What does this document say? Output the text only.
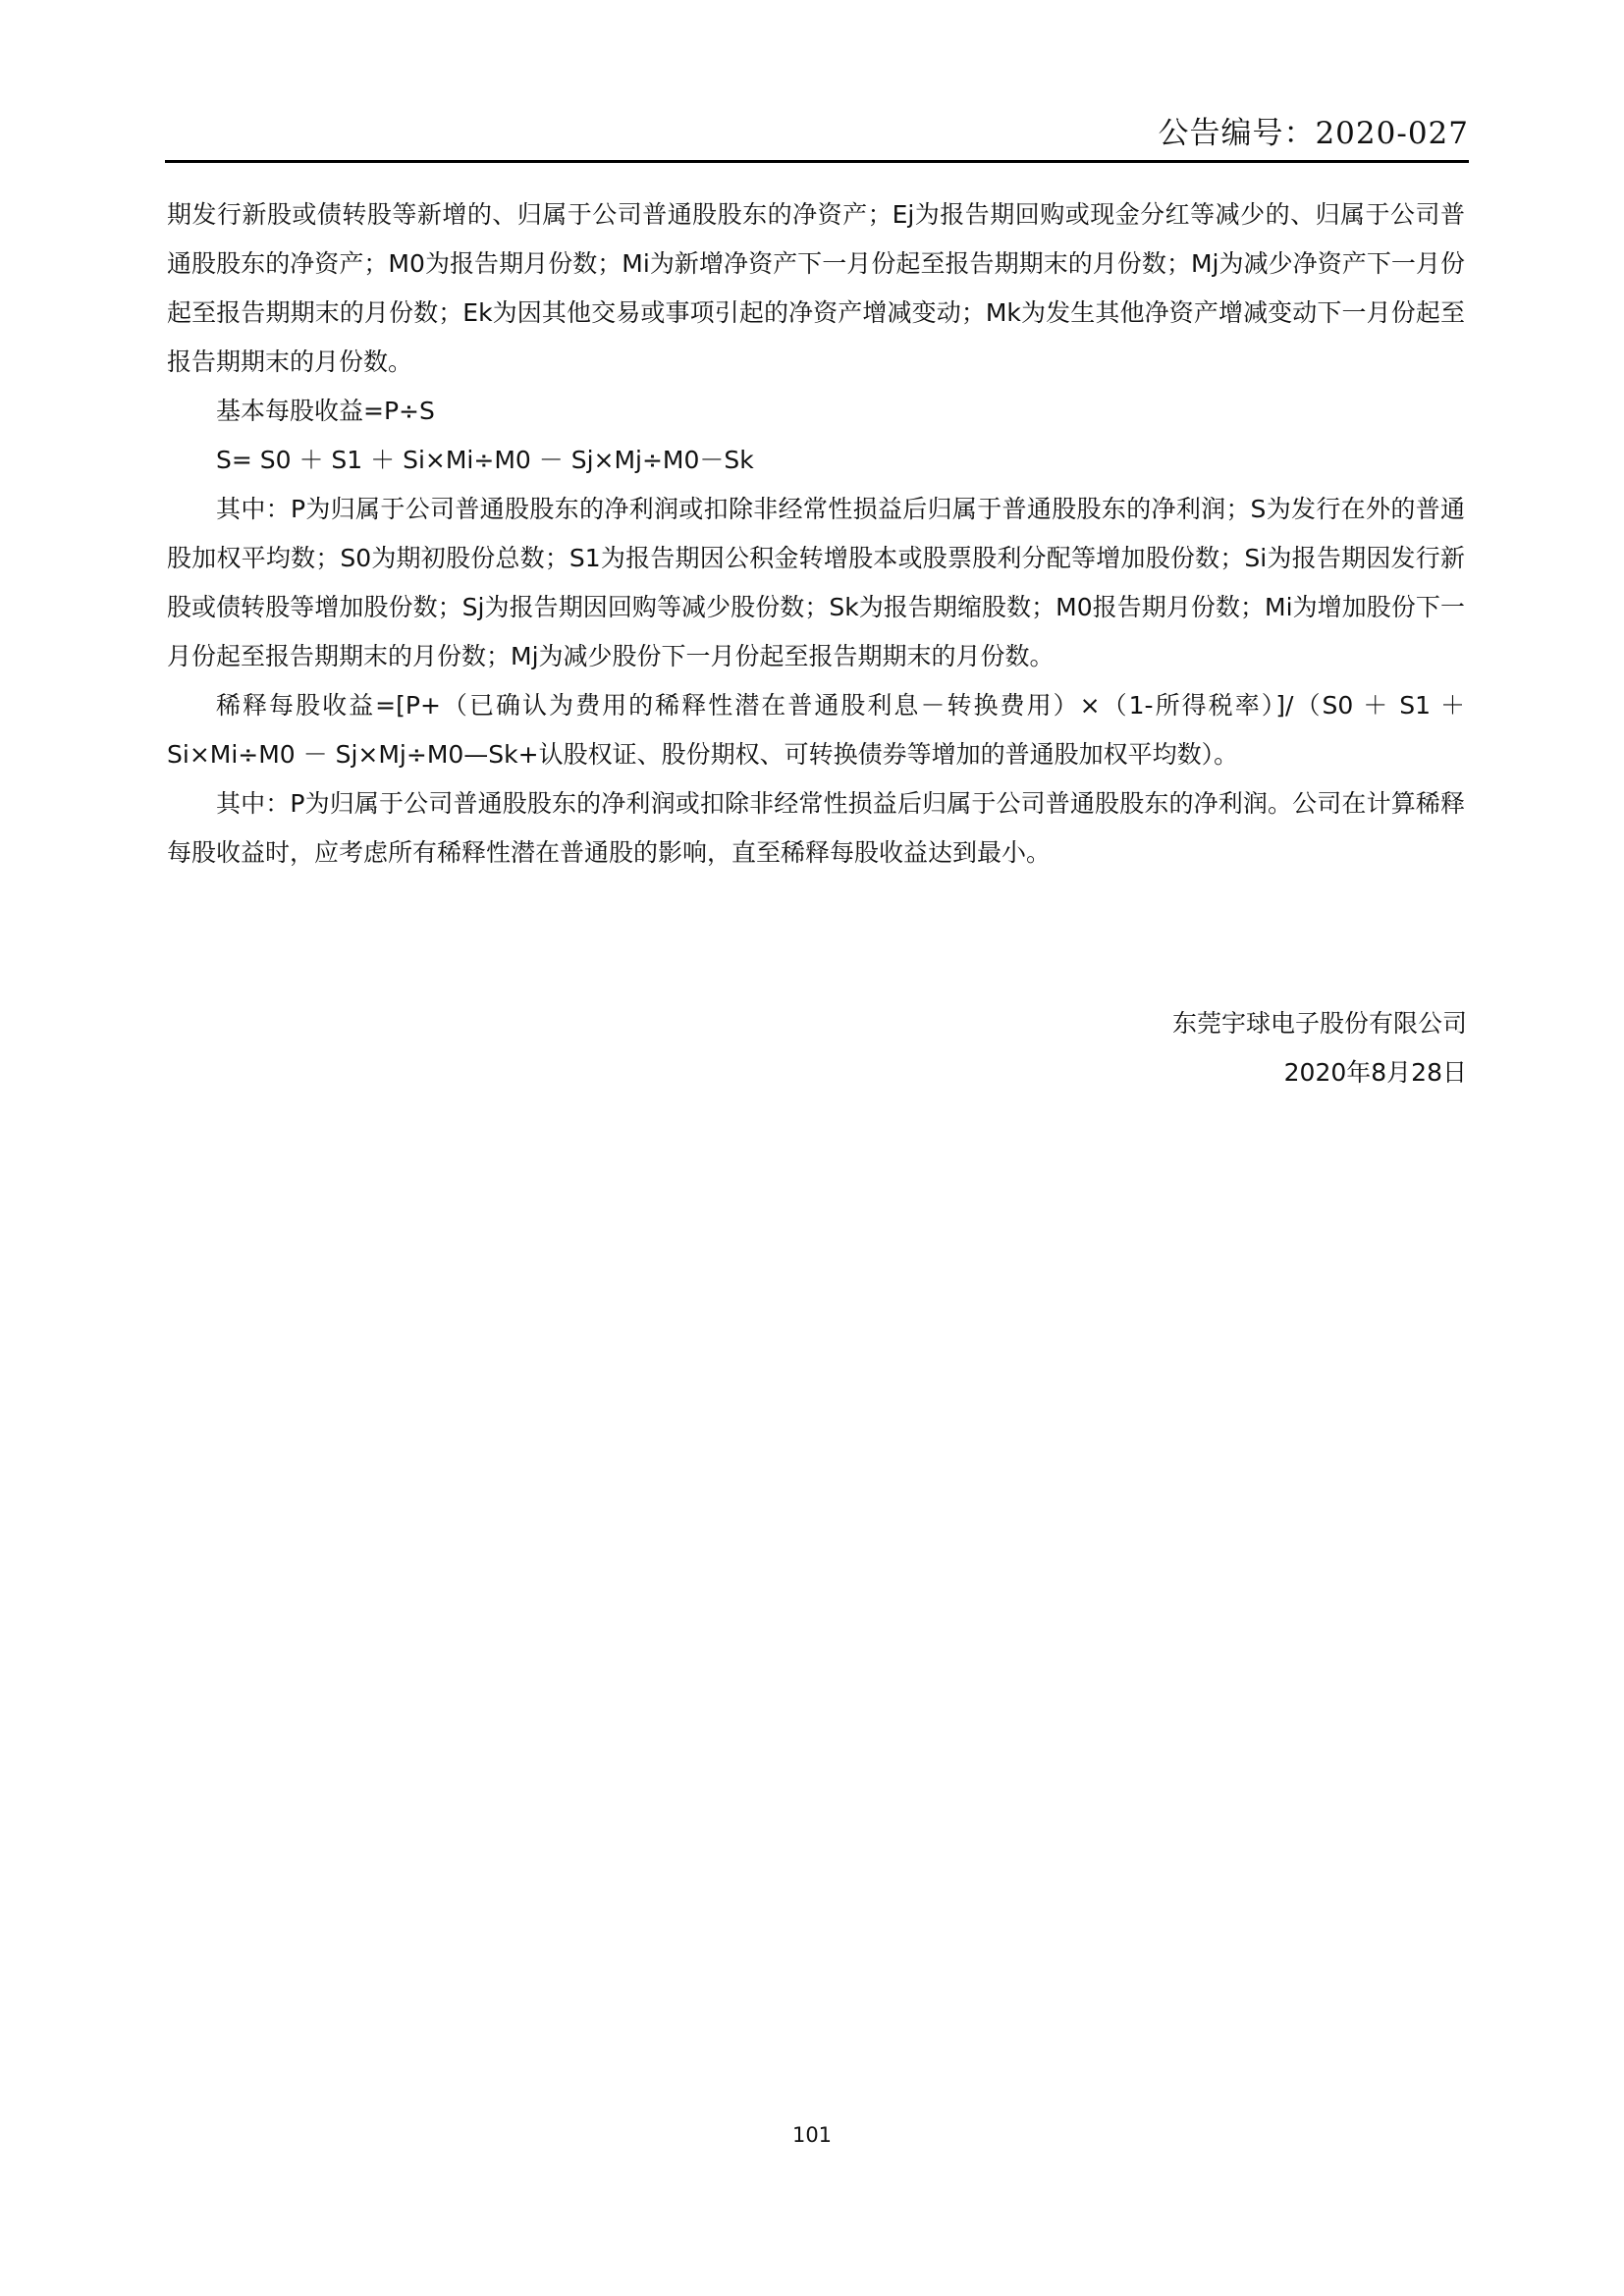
公告编号：2020-027

期发行新股或债转股等新增的、归属于公司普通股股东的净资产；Ej为报告期回购或现金分红等减少的、归属于公司普通股股东的净资产；M0为报告期月份数；Mi为新增净资产下一月份起至报告期期末的月份数；Mj为减少净资产下一月份起至报告期期末的月份数；Ek为因其他交易或事项引起的净资产增减变动；Mk为发生其他净资产增减变动下一月份起至报告期期末的月份数。

基本每股收益=P÷S

S= S0 ＋ S1 ＋ Si×Mi÷M0 － Sj×Mj÷M0－Sk

其中：P为归属于公司普通股股东的净利润或扣除非经常性损益后归属于普通股股东的净利润；S为发行在外的普通股加权平均数；S0为期初股份总数；S1为报告期因公积金转增股本或股票股利分配等增加股份数；Si为报告期因发行新股或债转股等增加股份数；Sj为报告期因回购等减少股份数；Sk为报告期缩股数；M0报告期月份数；Mi为增加股份下一月份起至报告期期末的月份数；Mj为减少股份下一月份起至报告期期末的月份数。

稀释每股收益=[P+（已确认为费用的稀释性潜在普通股利息－转换费用）×（1-所得税率）]/（S0 ＋ S1 ＋ Si×Mi÷M0 － Sj×Mj÷M0—Sk+认股权证、股份期权、可转换债券等增加的普通股加权平均数）。

其中：P为归属于公司普通股股东的净利润或扣除非经常性损益后归属于公司普通股股东的净利润。公司在计算稀释每股收益时，应考虑所有稀释性潜在普通股的影响，直至稀释每股收益达到最小。

东莞宇球电子股份有限公司
2020年8月28日
101
